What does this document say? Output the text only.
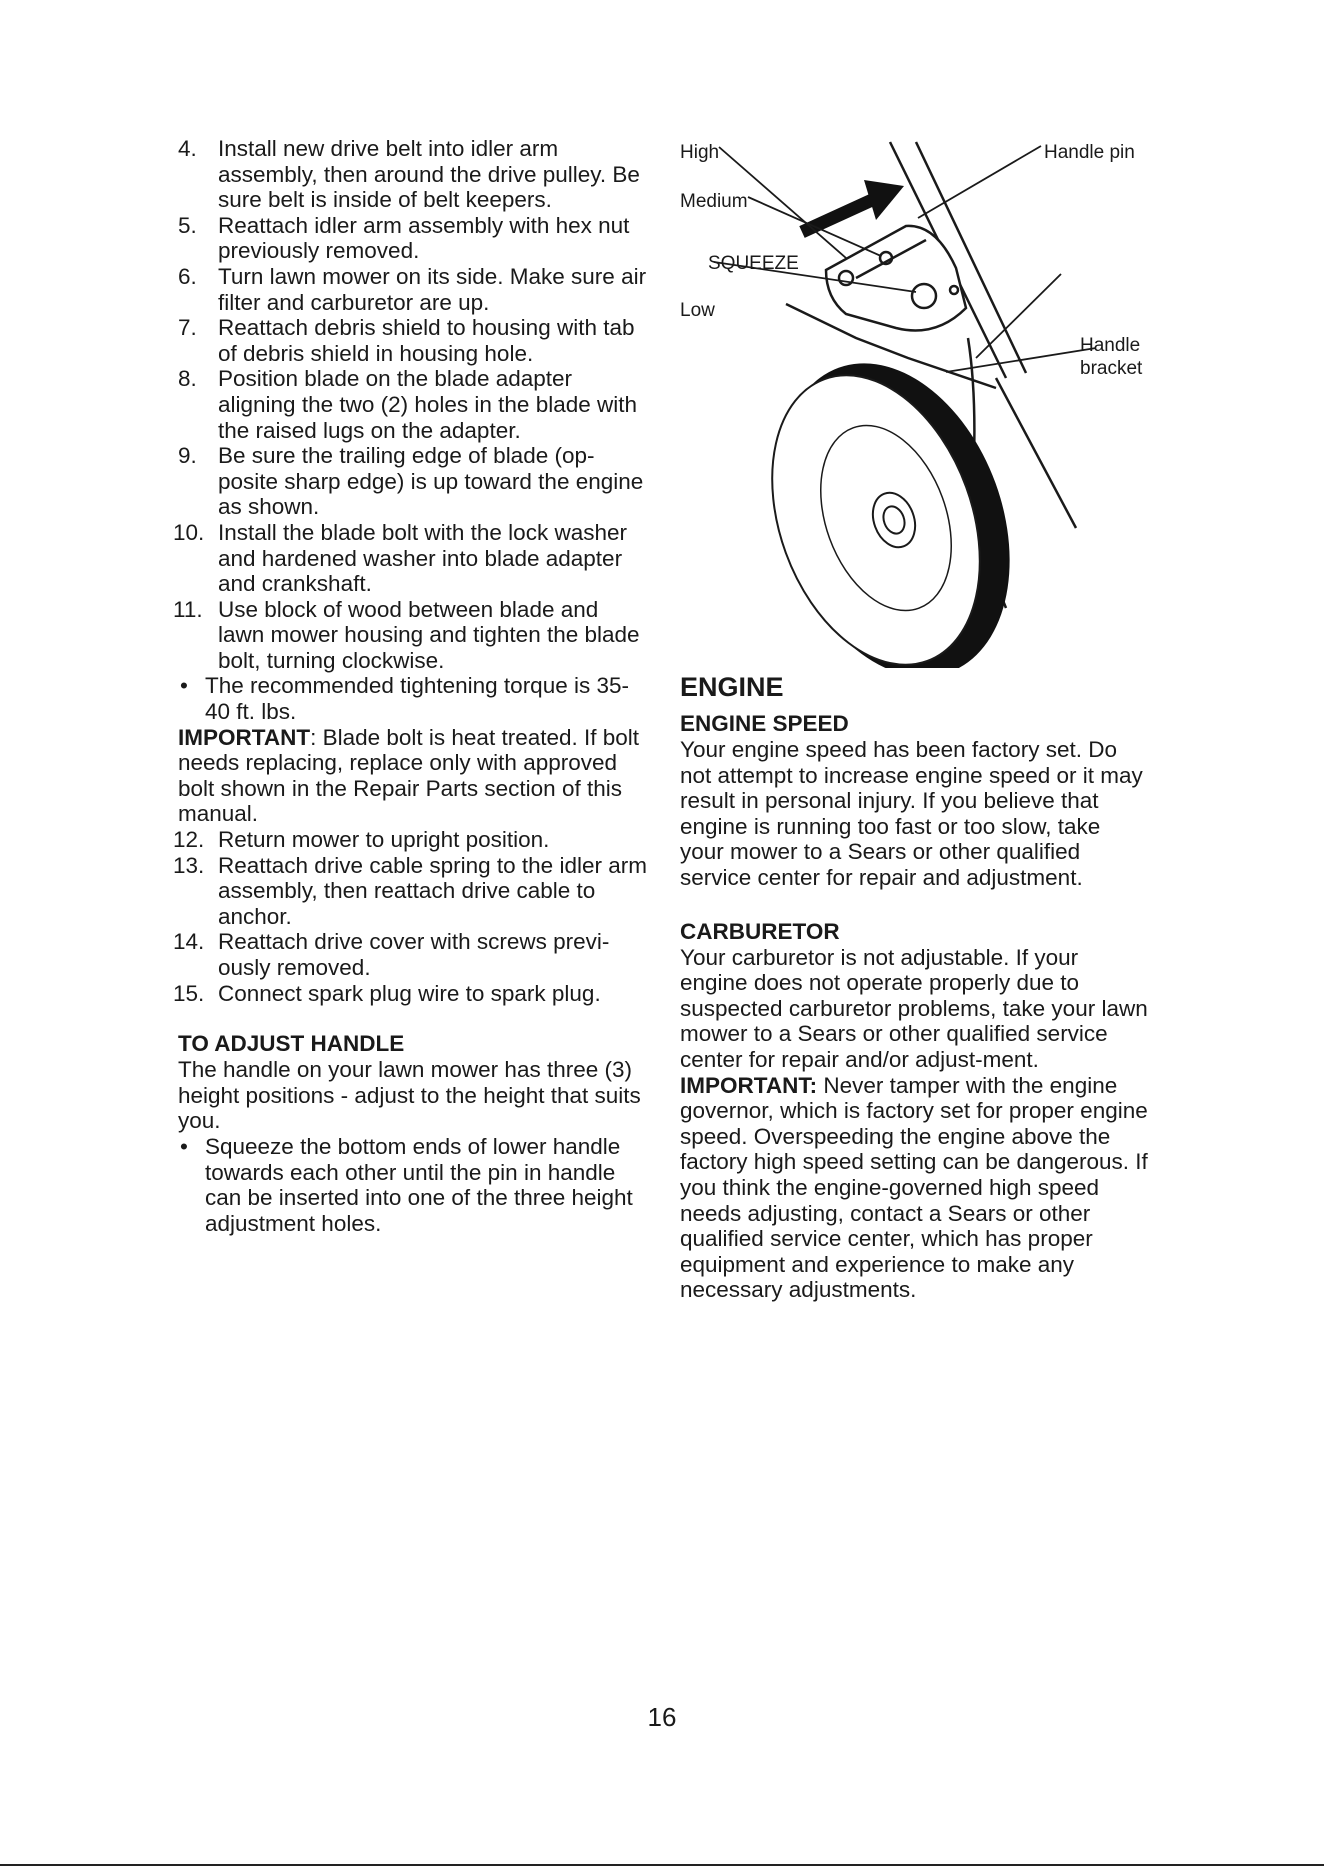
4. Install new drive belt into idler arm assembly, then around the drive pulley. Be sure belt is inside of belt keepers.
5. Reattach idler arm assembly with hex nut previously removed.
6. Turn lawn mower on its side. Make sure air filter and carburetor are up.
7. Reattach debris shield to housing with tab of debris shield in housing hole.
8. Position blade on the blade adapter aligning the two (2) holes in the blade with the raised lugs on the adapter.
9. Be sure the trailing edge of blade (op-posite sharp edge) is up toward the engine as shown.
10. Install the blade bolt with the lock washer and hardened washer into blade adapter and crankshaft.
11. Use block of wood between blade and lawn mower housing and tighten the blade bolt, turning clockwise.
• The recommended tightening torque is 35-40 ft. lbs.

IMPORTANT: Blade bolt is heat treated. If bolt needs replacing, replace only with approved bolt shown in the Repair Parts section of this manual.

12. Return mower to upright position.
13. Reattach drive cable spring to the idler arm assembly, then reattach drive cable to anchor.
14. Reattach drive cover with screws previ-ously removed.
15. Connect spark plug wire to spark plug.
TO ADJUST HANDLE

The handle on your lawn mower has three (3) height positions - adjust to the height that suits you.

• Squeeze the bottom ends of lower handle towards each other until the pin in handle can be inserted into one of the three height adjustment holes.
High
Medium
SQUEEZE
Low
Handle pin
Handle
bracket
ENGINE
ENGINE SPEED

Your engine speed has been factory set. Do not attempt to increase engine speed or it may result in personal injury. If you believe that engine is running too fast or too slow, take your mower to a Sears or other qualified service center for repair and adjustment.

CARBURETOR

Your carburetor is not adjustable. If your engine does not operate properly due to suspected carburetor problems, take your lawn mower to a Sears or other qualified service center for repair and/or adjust-ment.

IMPORTANT: Never tamper with the engine governor, which is factory set for proper engine speed. Overspeeding the engine above the factory high speed setting can be dangerous. If you think the engine-governed high speed needs adjusting, contact a Sears or other qualified service center, which has proper equipment and experience to make any necessary adjustments.

16
